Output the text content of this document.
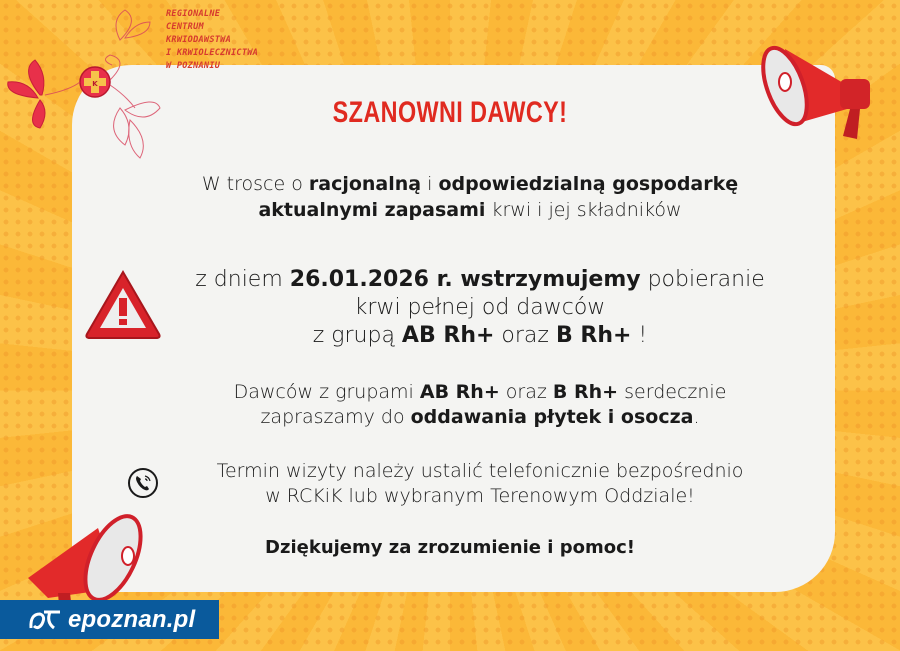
K
REGIONALNE
CENTRUM
KRWIODAWSTWA
I KRWIOLECZNICTWA
W POZNANIU
SZANOWNI DAWCY!
W trosce o racjonalną i odpowiedzialną gospodarkę
aktualnymi zapasami krwi i jej składników
z dniem 26.01.2026 r. wstrzymujemy pobieranie
krwi pełnej od dawców
z grupą AB Rh+ oraz B Rh+ !
Dawców z grupami AB Rh+ oraz B Rh+ serdecznie
zapraszamy do oddawania płytek i osocza.
Termin wizyty należy ustalić telefonicznie bezpośrednio
w RCKiK lub wybranym Terenowym Oddziale!
Dziękujemy za zrozumienie i pomoc!
epoznan.pl
